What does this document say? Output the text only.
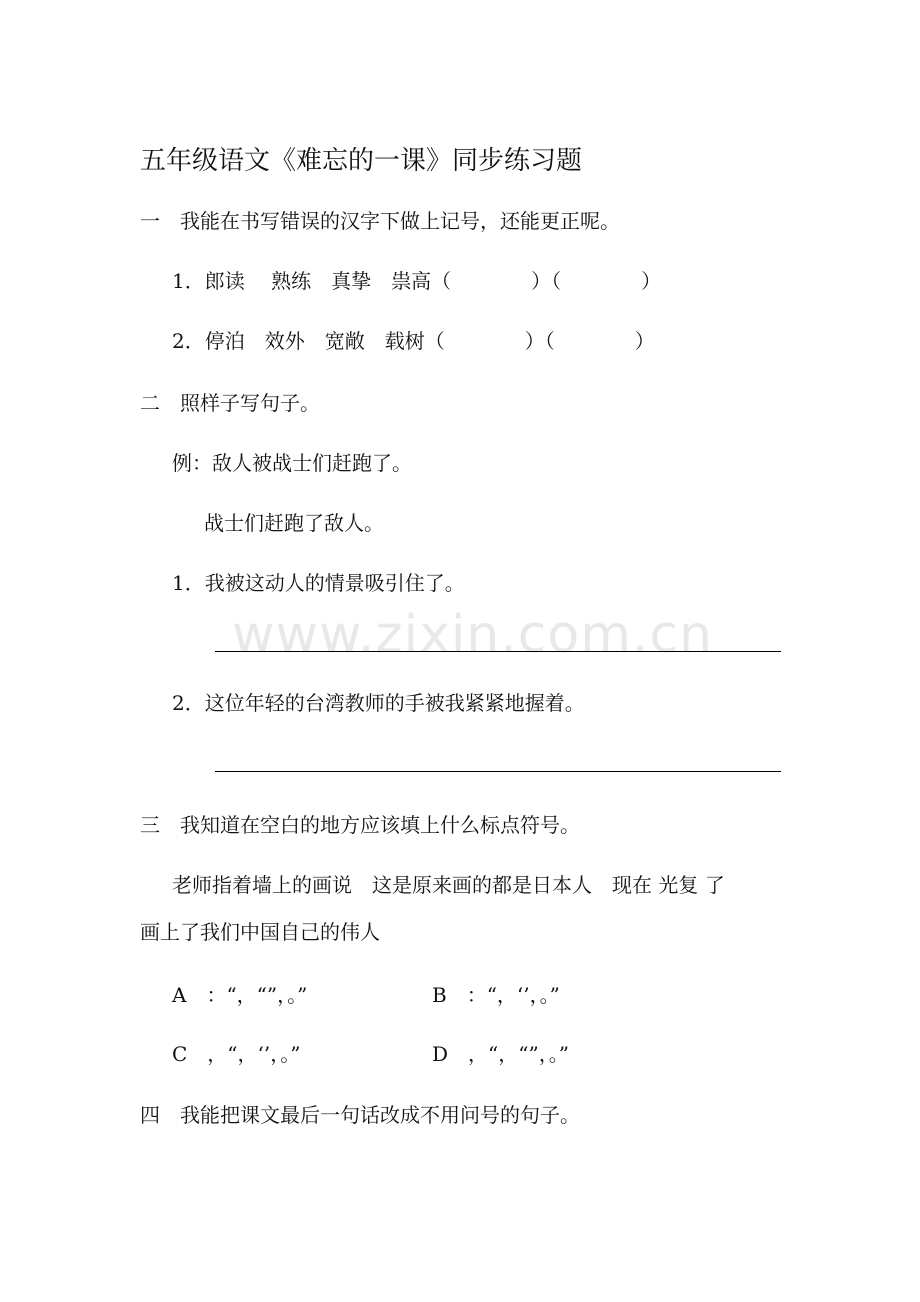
五年级语文《难忘的一课》同步练习题
一　我能在书写错误的汉字下做上记号，还能更正呢。
1．郎读　 熟练　真挚　祟高（　　　　）（　　　　）
2．停泊　效外　宽敞　载树（　　　　）（　　　　）
二　照样子写句子。
例：敌人被战士们赶跑了。
战士们赶跑了敌人。
1．我被这动人的情景吸引住了。
www.zixin.com.cn
2．这位年轻的台湾教师的手被我紧紧地握着。
三　我知道在空白的地方应该填上什么标点符号。
老师指着墙上的画说　这是原来画的都是日本人　现在 光复 了
画上了我们中国自己的伟人
A　：“，“”，。”	B　：“，‘’，。”
C　，“，‘’，。”	D　，“，“”，。”
四　我能把课文最后一句话改成不用问号的句子。
